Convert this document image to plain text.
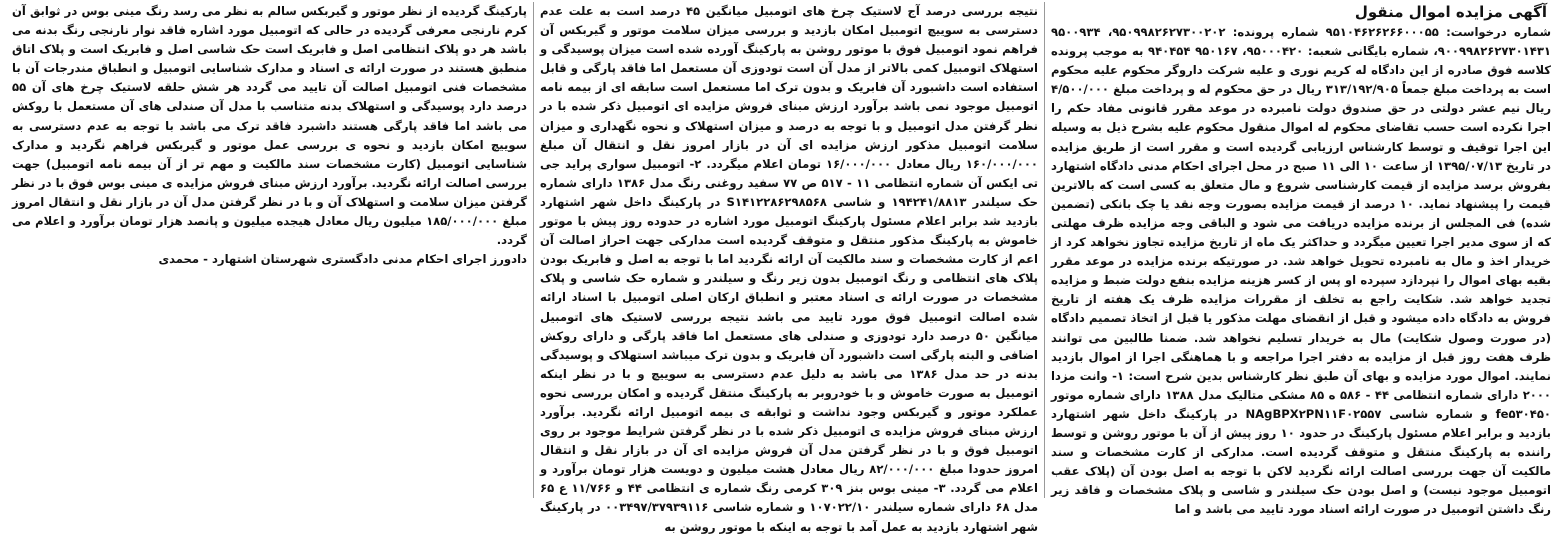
آگهی مزایده اموال منقول

شماره درخواست: ۹۵۱۰۴۶۲۶۲۶۶۰۰۰۵۵ شماره پرونده: ۹۵۰۹۹۸۲۶۲۷۳۰۰۲۰۲، ۹۵۰۰۹۳۴ ۹۰۰۹۹۸۲۶۲۷۳۰۱۴۳۱، شماره بایگانی شعبه: ۹۵۰۰۰۴۲۰، ۹۵۰۱۶۷ ۹۴۰۴۵۴ به موجب پرونده کلاسه فوق صادره از این دادگاه له کریم نوری و علیه شرکت داروگر محکوم علیه محکوم است به پرداخت مبلغ جمعاً ۳۱۳/۱۹۲/۹۰۵ ریال در حق محکوم له و پرداخت مبلغ ۴/۵۰۰/۰۰۰ ریال نیم عشر دولتی در حق صندوق دولت نامبرده در موعد مقرر قانونی مفاد حکم را اجرا نکرده است حسب تقاضای محکوم له اموال منقول محکوم علیه بشرح ذیل به وسیله این اجرا توقیف و توسط کارشناس ارزیابی گردیده است و مقرر است از طریق مزایده در تاریخ ۱۳۹۵/۰۷/۱۳ از ساعت ۱۰ الی ۱۱ صبح در محل اجرای احکام مدنی دادگاه اشتهارد بفروش برسد مزایده از قیمت کارشناسی شروع و مال متعلق به کسی است که بالاترین قیمت را پیشنهاد نماید. ۱۰ درصد از قیمت مزایده بصورت وجه نقد یا چک بانکی (تضمین شده) فی المجلس از برنده مزایده دریافت می شود و الباقی وجه مزایده ظرف مهلتی که از سوی مدیر اجرا تعیین میگردد و حداکثر یک ماه از تاریخ مزایده تجاوز نخواهد کرد از خریدار اخذ و مال به نامبرده تحویل خواهد شد. در صورتیکه برنده مزایده در موعد مقرر بقیه بهای اموال را نپردازد سپرده او پس از کسر هزینه مزایده بنفع دولت ضبط و مزایده تجدید خواهد شد. شکایت راجع به تخلف از مقررات مزایده ظرف یک هفته از تاریخ فروش به دادگاه داده میشود و قبل از انقضای مهلت مذکور یا قبل از اتخاذ تصمیم دادگاه (در صورت وصول شکایت) مال به خریدار تسلیم نخواهد شد. ضمنا طالبین می توانند ظرف هفت روز قبل از مزایده به دفتر اجرا مراجعه و با هماهنگی اجرا از اموال بازدید نمایند. اموال مورد مزایده و بهای آن طبق نظر کارشناس بدین شرح است: ۱- وانت مزدا ۲۰۰۰ دارای شماره انتظامی ۴۴ - ۵۸۶ ه ۸۵ مشکی متالیک مدل ۱۳۸۸ دارای شماره موتور fe۵۳۰۴۵۰ و شماره شاسی NAgBPX۲PN۱۱F۰۲۵۵۷ در پارکینگ داخل شهر اشتهارد بازدید و برابر اعلام مسئول پارکینگ در حدود ۱۰ روز پیش از آن با موتور روشن و توسط راننده به پارکینگ منتقل و متوقف گردیده است. مدارکی از کارت مشخصات و سند مالکیت آن جهت بررسی اصالت ارائه نگردید لاکن با توجه به اصل بودن آن (پلاک عقب اتومبیل موجود نیست) و اصل بودن حک سیلندر و شاسی و پلاک مشخصات و فاقد زیر رنگ داشتن اتومبیل در صورت ارائه اسناد مورد تایید می باشد و اما

نتیجه بررسی درصد آج لاستیک چرخ های اتومبیل میانگین ۴۵ درصد است به علت عدم دسترسی به سوییچ اتومبیل امکان بازدید و بررسی میزان سلامت موتور و گیربکس آن فراهم نمود اتومبیل فوق با موتور روشن به پارکینگ آورده شده است میزان پوسیدگی و استهلاک اتومبیل کمی بالاتر از مدل آن است تودوزی آن مستعمل اما فاقد پارگی و قابل استفاده است داشبورد آن فابریک و بدون ترک اما مستعمل است سابقه ای از بیمه نامه اتومبیل موجود نمی باشد برآورد ارزش مبنای فروش مزایده ای اتومبیل ذکر شده با در نظر گرفتن مدل اتومبیل و با توجه به درصد و میزان استهلاک و نحوه نگهداری و میزان سلامت اتومبیل مذکور ارزش مزایده ای آن در بازار امروز نقل و انتقال آن مبلغ ۱۶۰/۰۰۰/۰۰۰ ریال معادل ۱۶/۰۰۰/۰۰۰ تومان اعلام میگردد. ۲- اتومبیل سواری پراید جی تی ایکس آن شماره انتظامی ۱۱ - ۵۱۷ ص ۷۷ سفید روغنی رنگ مدل ۱۳۸۶ دارای شماره حک سیلندر ۱۹۴۲۴۱/۸۸۱۳ و شاسی S۱۴۱۲۲۸۶۲۹۸۵۶۸ در پارکینگ داخل شهر اشتهارد بازدید شد برابر اعلام مسئول پارکینگ اتومبیل مورد اشاره در حدوده روز پیش با موتور خاموش به پارکینگ مذکور منتقل و متوقف گردیده است مدارکی جهت احراز اصالت آن اعم از کارت مشخصات و سند مالکیت آن ارائه نگردید اما با توجه به اصل و فابریک بودن پلاک های انتظامی و رنگ اتومبیل بدون زیر رنگ و سیلندر و شماره حک شاسی و پلاک مشخصات در صورت ارائه ی اسناد معتبر و انطباق ارکان اصلی اتومبیل با اسناد ارائه شده اصالت اتومبیل فوق مورد تایید می باشد نتیجه بررسی لاستیک های اتومبیل میانگین ۵۰ درصد دارد تودوزی و صندلی های مستعمل اما فاقد پارگی و دارای روکش اضافی و البته پارگی است داشبورد آن فابریک و بدون ترک میباشد استهلاک و پوسیدگی بدنه در حد مدل ۱۳۸۶ می باشد به دلیل عدم دسترسی به سوییچ و با در نظر اینکه اتومبیل به صورت خاموش و با خودروبر به پارکینگ منتقل گردیده و امکان بررسی نحوه عملکرد موتور و گیربکس وجود نداشت و ثوابقه ی بیمه اتومبیل ارائه نگردید. برآورد ارزش مبنای فروش مزایده ی اتومبیل ذکر شده با در نظر گرفتن شرایط موجود بر روی اتومبیل فوق و با در نظر گرفتن مدل آن فروش مزایده ای آن در بازار نقل و انتقال امروز حدودا مبلغ ۸۲/۰۰۰/۰۰۰ ریال معادل هشت میلیون و دویست هزار تومان برآورد و اعلام می گردد. ۳- مینی بوس بنز ۳۰۹ کرمی رنگ شماره ی انتظامی ۴۴ و ۱۱/۷۶۶ ع ۶۵ مدل ۶۸ دارای شماره سیلندر ۱۰۷۰۲۲/۱۰ و شماره شاسی ۰۰۳۴۹۷/۳۷۹۳۹۱۱۶ در پارکینگ شهر اشتهارد بازدید به عمل آمد با توجه به اینکه با موتور روشن به

پارکینگ گردیده از نظر موتور و گیربکس سالم به نظر می رسد رنگ مینی بوس در ثوابق آن کرم نارنجی معرفی گردیده در حالی که اتومبیل مورد اشاره فاقد نوار نارنجی رنگ بدنه می باشد هر دو پلاک انتظامی اصل و فابریک است حک شاسی اصل و فابریک است و پلاک اتاق منطبق هستند در صورت ارائه ی اسناد و مدارک شناسایی اتومبیل و انطباق مندرجات آن با مشخصات فنی اتومبیل اصالت آن تایید می گردد هر شش حلقه لاستیک چرخ های آن ۵۵ درصد دارد پوسیدگی و استهلاک بدنه متناسب با مدل آن صندلی های آن مستعمل با روکش می باشد اما فاقد پارگی هستند داشبرد فاقد ترک می باشد با توجه به عدم دسترسی به سوییچ امکان بازدید و نحوه ی بررسی عمل موتور و گیربکس فراهم نگردید و مدارک شناسایی اتومبیل (کارت مشخصات سند مالکیت و مهم تر از آن بیمه نامه اتومبیل) جهت بررسی اصالت ارائه نگردید. برآورد ارزش مبنای فروش مزایده ی مینی بوس فوق با در نظر گرفتن میزان سلامت و استهلاک آن و با در نظر گرفتن مدل آن در بازار نقل و انتقال امروز مبلغ ۱۸۵/۰۰۰/۰۰۰ میلیون ریال معادل هیجده میلیون و پانصد هزار تومان برآورد و اعلام می گردد.

دادورز اجرای احکام مدنی دادگستری شهرستان اشتهارد - محمدی
